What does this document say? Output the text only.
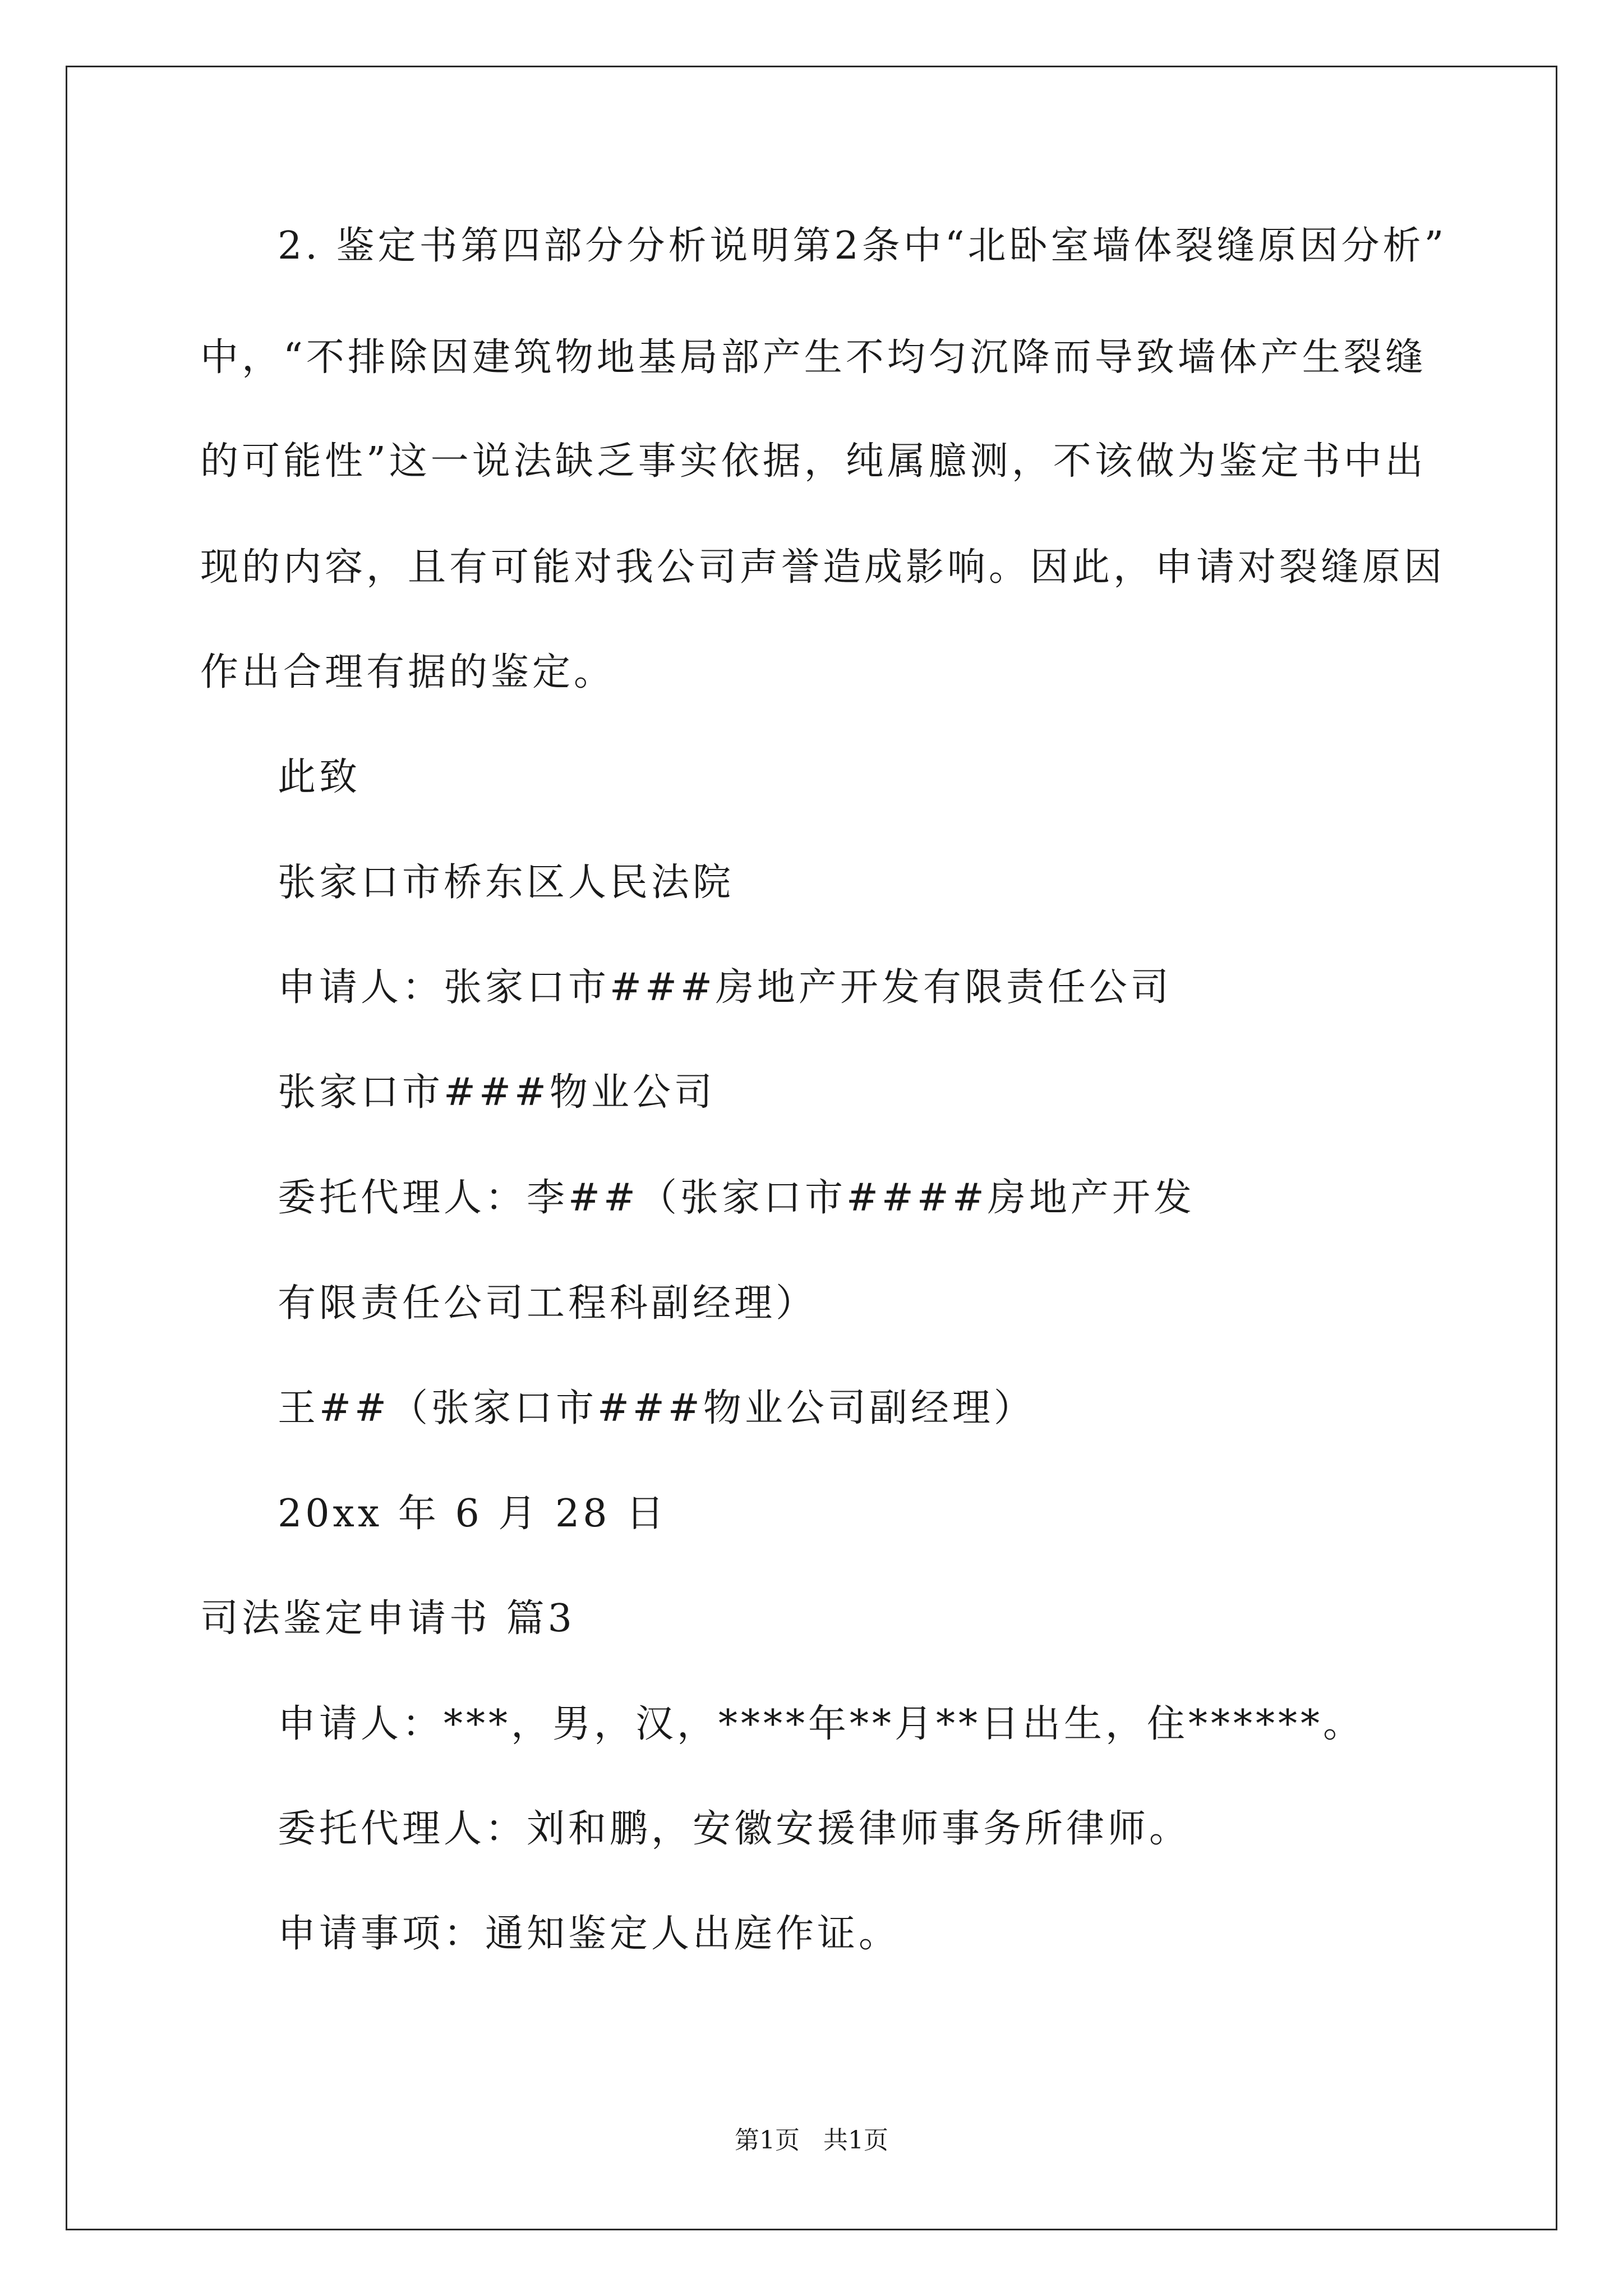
2. 鉴定书第四部分分析说明第2条中“北卧室墙体裂缝原因分析”
中，“不排除因建筑物地基局部产生不均匀沉降而导致墙体产生裂缝
的可能性”这一说法缺乏事实依据，纯属臆测，不该做为鉴定书中出
现的内容，且有可能对我公司声誉造成影响。因此，申请对裂缝原因
作出合理有据的鉴定。
此致
张家口市桥东区人民法院
申请人：张家口市###房地产开发有限责任公司
张家口市###物业公司
委托代理人：李##（张家口市####房地产开发
有限责任公司工程科副经理）
王##（张家口市###物业公司副经理）
20xx 年 6 月 28 日
司法鉴定申请书 篇3
申请人：***，男，汉，****年**月**日出生，住******。
委托代理人：刘和鹏，安徽安援律师事务所律师。
申请事项：通知鉴定人出庭作证。
第1页   共1页
